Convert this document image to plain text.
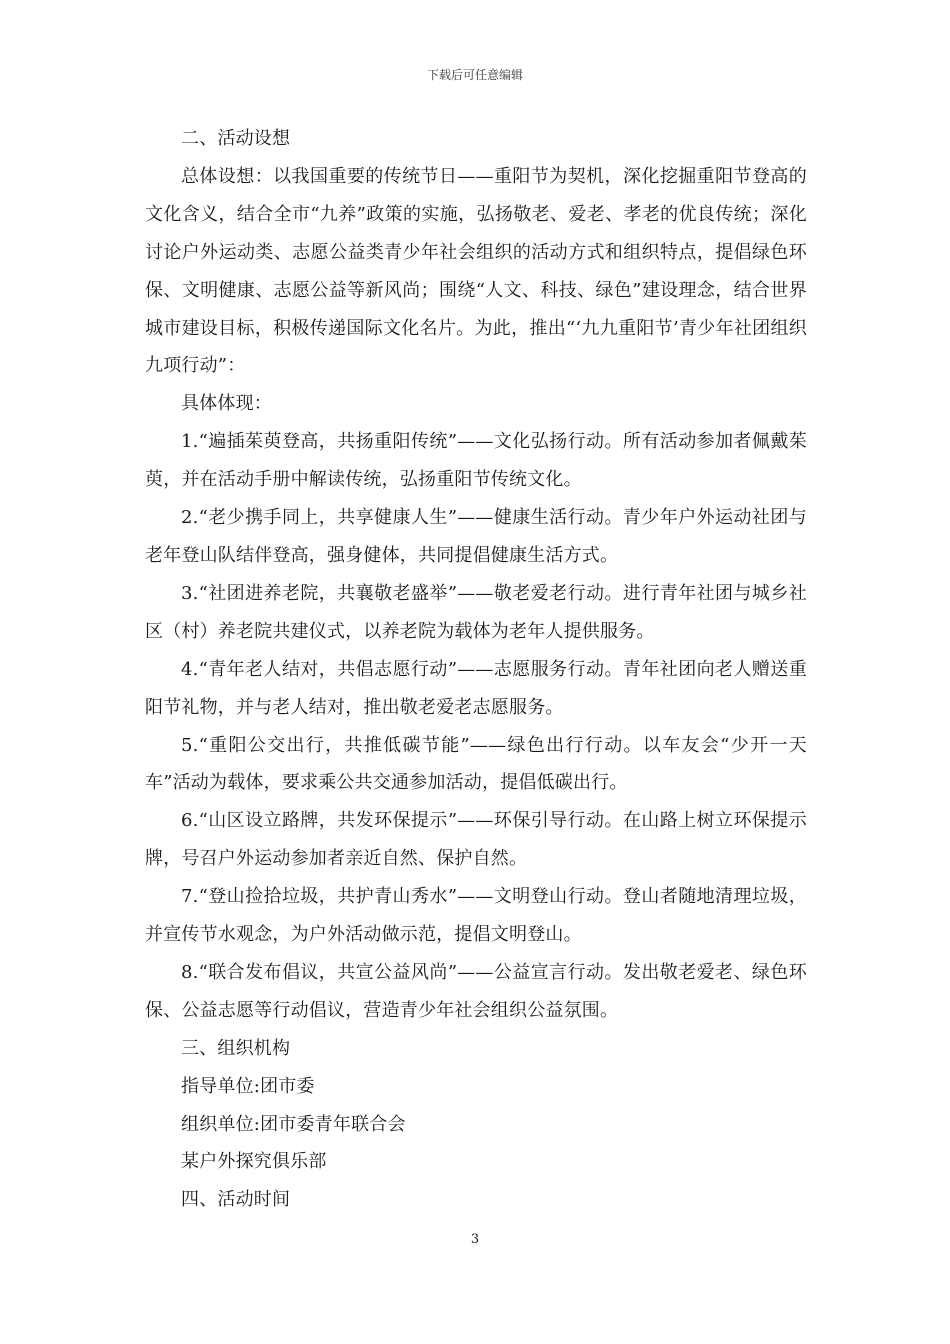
下载后可任意编辑

二、活动设想

总体设想：以我国重要的传统节日——重阳节为契机，深化挖掘重阳节登高的文化含义，结合全市“九养”政策的实施，弘扬敬老、爱老、孝老的优良传统；深化讨论户外运动类、志愿公益类青少年社会组织的活动方式和组织特点，提倡绿色环保、文明健康、志愿公益等新风尚；围绕“人文、科技、绿色”建设理念，结合世界城市建设目标，积极传递国际文化名片。为此，推出“‘九九重阳节’青少年社团组织九项行动”：

具体体现：

1.“遍插茱萸登高，共扬重阳传统”——文化弘扬行动。所有活动参加者佩戴茱萸，并在活动手册中解读传统，弘扬重阳节传统文化。

2.“老少携手同上，共享健康人生”——健康生活行动。青少年户外运动社团与老年登山队结伴登高，强身健体，共同提倡健康生活方式。

3.“社团进养老院，共襄敬老盛举”——敬老爱老行动。进行青年社团与城乡社区（村）养老院共建仪式，以养老院为载体为老年人提供服务。

4.“青年老人结对，共倡志愿行动”——志愿服务行动。青年社团向老人赠送重阳节礼物，并与老人结对，推出敬老爱老志愿服务。

5.“重阳公交出行，共推低碳节能”——绿色出行行动。以车友会“少开一天车”活动为载体，要求乘公共交通参加活动，提倡低碳出行。

6.“山区设立路牌，共发环保提示”——环保引导行动。在山路上树立环保提示牌，号召户外运动参加者亲近自然、保护自然。

7.“登山捡拾垃圾，共护青山秀水”——文明登山行动。登山者随地清理垃圾，并宣传节水观念，为户外活动做示范，提倡文明登山。

8.“联合发布倡议，共宣公益风尚”——公益宣言行动。发出敬老爱老、绿色环保、公益志愿等行动倡议，营造青少年社会组织公益氛围。

三、组织机构

指导单位:团市委

组织单位:团市委青年联合会

某户外探究俱乐部

四、活动时间

3
